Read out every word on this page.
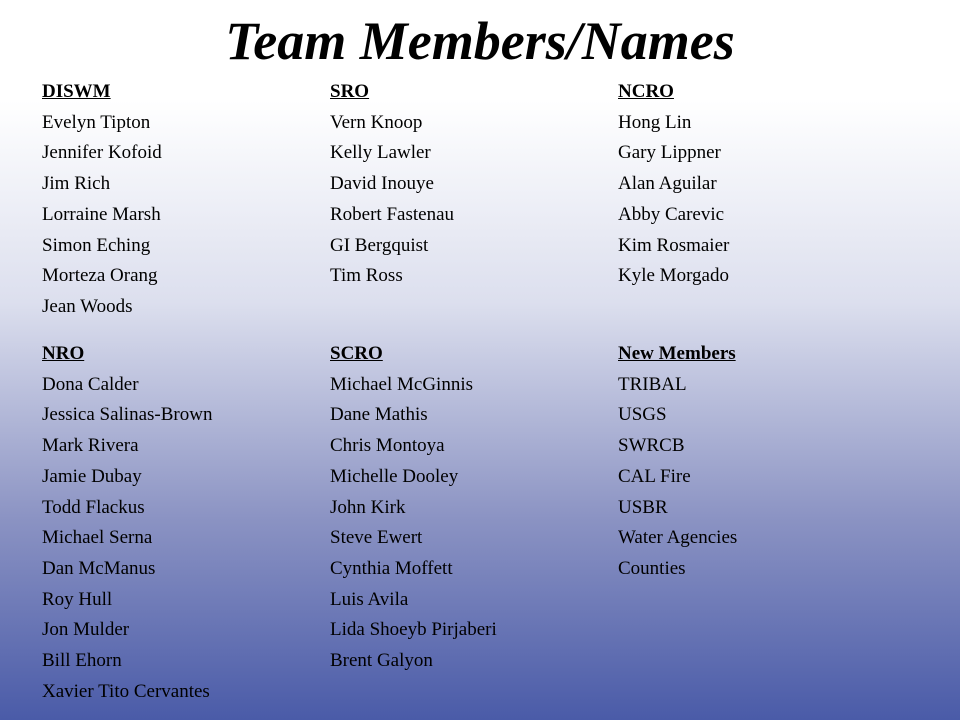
Team Members/Names
DISWM
Evelyn Tipton
Jennifer Kofoid
Jim Rich
Lorraine Marsh
Simon Eching
Morteza Orang
Jean Woods
SRO
Vern Knoop
Kelly Lawler
David Inouye
Robert Fastenau
GI Bergquist
Tim Ross
NCRO
Hong Lin
Gary Lippner
Alan Aguilar
Abby Carevic
Kim Rosmaier
Kyle Morgado
NRO
Dona Calder
Jessica Salinas-Brown
Mark Rivera
Jamie Dubay
Todd Flackus
Michael Serna
Dan McManus
Roy Hull
Jon Mulder
Bill Ehorn
Xavier Tito Cervantes
SCRO
Michael McGinnis
Dane Mathis
Chris Montoya
Michelle Dooley
John Kirk
Steve Ewert
Cynthia Moffett
Luis Avila
Lida Shoeyb Pirjaberi
Brent Galyon
New Members
TRIBAL
USGS
SWRCB
CAL Fire
USBR
Water Agencies
Counties
